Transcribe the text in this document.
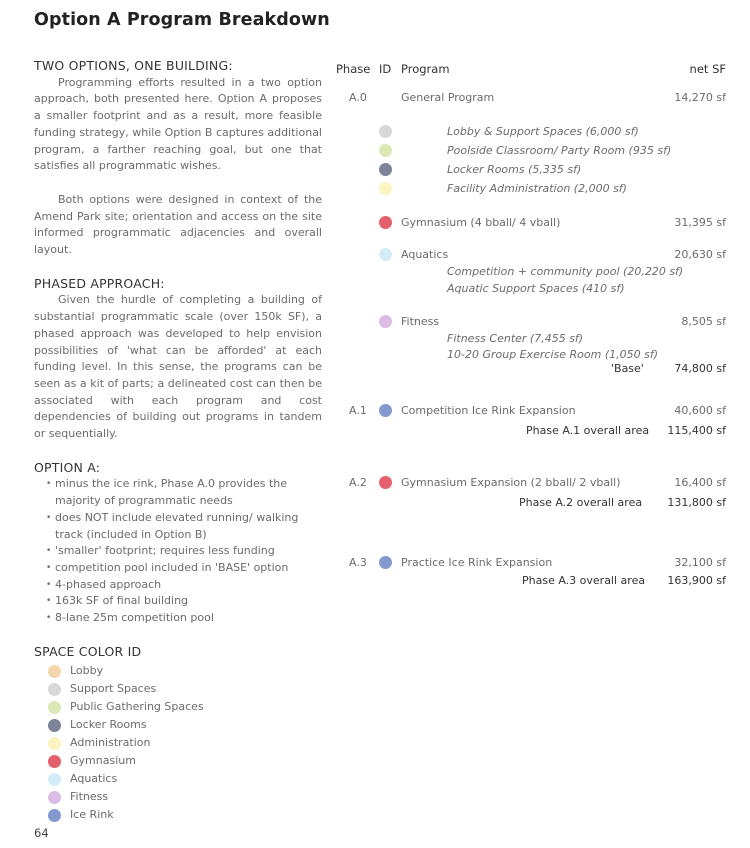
Option A Program Breakdown
TWO OPTIONS, ONE BUILDING:

Programming efforts resulted in a two option approach, both presented here. Option A proposes a smaller footprint and as a result, more feasible funding strategy, while Option B captures additional program, a farther reaching goal, but one that satisfies all programmatic wishes.

Both options were designed in context of the Amend Park site; orientation and access on the site informed programmatic adjacencies and overall layout.

PHASED APPROACH:

Given the hurdle of completing a building of substantial programmatic scale (over 150k SF), a phased approach was developed to help envision possibilities of 'what can be afforded' at each funding level. In this sense, the programs can be seen as a kit of parts; a delineated cost can then be associated with each program and cost dependencies of building out programs in tandem or sequentially.

OPTION A:
• minus the ice rink, Phase A.0 provides the majority of programmatic needs
• does NOT include elevated running/ walking track (included in Option B)
• 'smaller' footprint; requires less funding
• competition pool included in 'BASE' option
• 4-phased approach
• 163k SF of final building
• 8-lane 25m competition pool
SPACE COLOR ID
Lobby
Support Spaces
Public Gathering Spaces
Locker Rooms
Administration
Gymnasium
Aquatics
Fitness
Ice Rink
64
Phase ID Program	net SF
A.0	General Program	14,270 sf
Lobby & Support Spaces (6,000 sf)
Poolside Classroom/ Party Room (935 sf)
Locker Rooms (5,335 sf)
Facility Administration (2,000 sf)
Gymnasium (4 bball/ 4 vball)	31,395 sf
Aquatics	20,630 sf
Competition + community pool (20,220 sf)
Aquatic Support Spaces (410 sf)
Fitness	8,505 sf
Fitness Center (7,455 sf)
10-20 Group Exercise Room (1,050 sf)
'Base'	74,800 sf
A.1	Competition Ice Rink Expansion	40,600 sf
Phase A.1 overall area 115,400 sf
A.2	Gymnasium Expansion (2 bball/ 2 vball)	16,400 sf
Phase A.2 overall area 131,800 sf
A.3	Practice Ice Rink Expansion	32,100 sf
Phase A.3 overall area 163,900 sf
